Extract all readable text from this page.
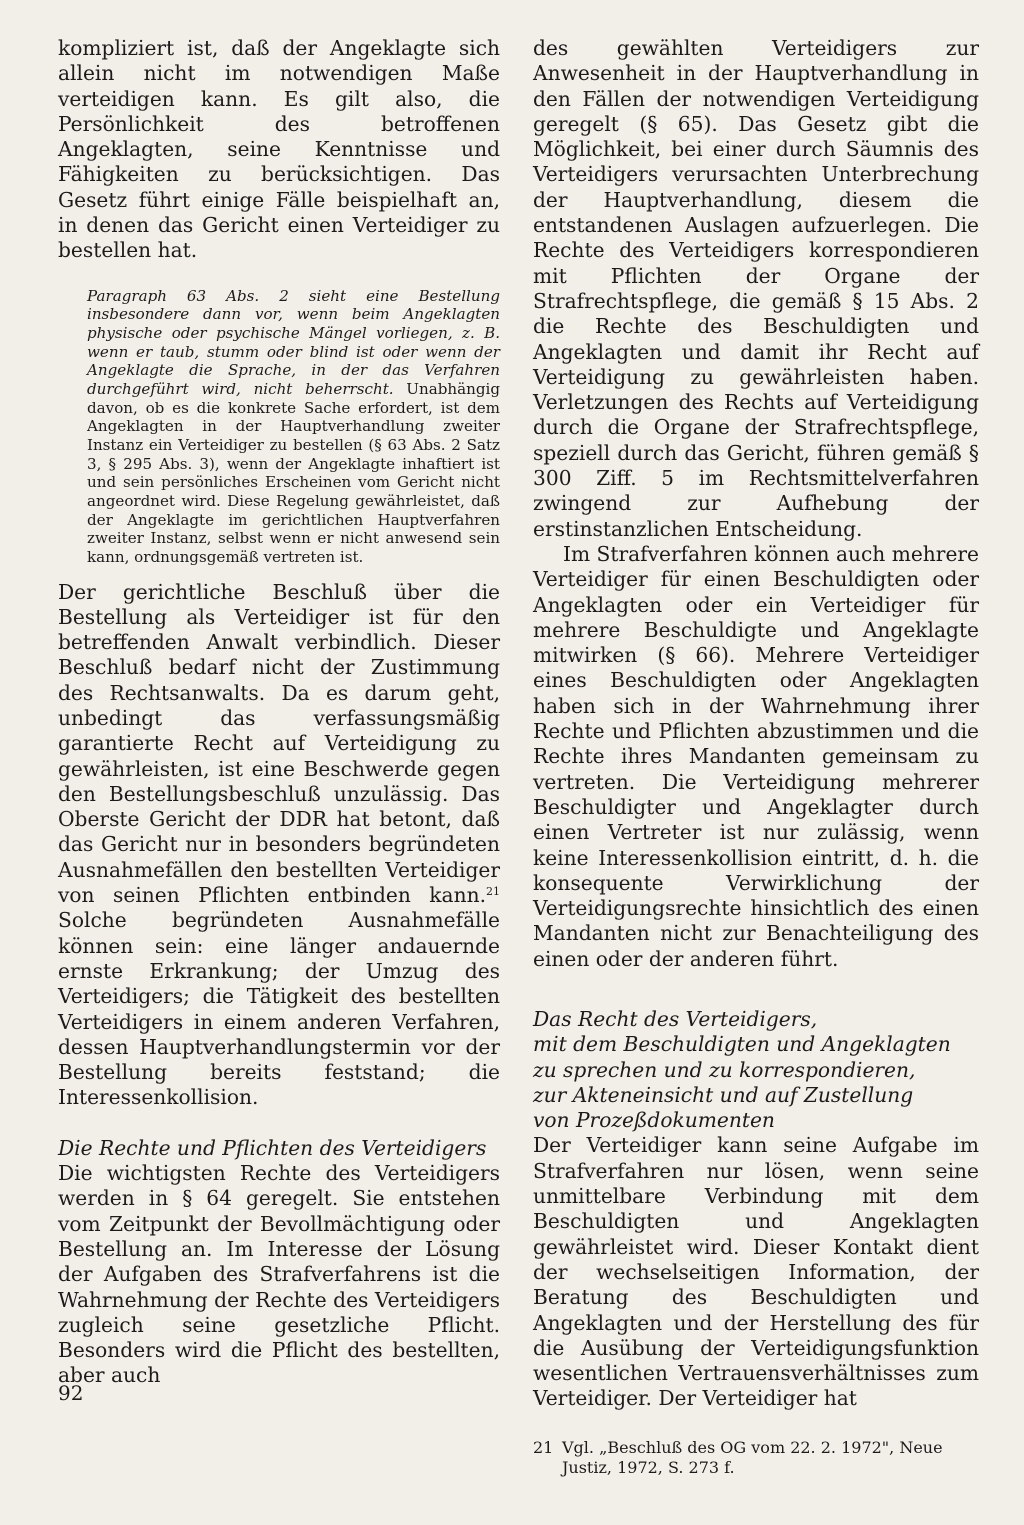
kompliziert ist, daß der Angeklagte sich allein nicht im notwendigen Maße verteidigen kann. Es gilt also, die Persönlichkeit des betroffenen Angeklagten, seine Kenntnisse und Fähigkeiten zu berücksichtigen. Das Gesetz führt einige Fälle beispielhaft an, in denen das Gericht einen Verteidiger zu bestellen hat.

Paragraph 63 Abs. 2 sieht eine Bestellung insbesondere dann vor, wenn beim Angeklagten physische oder psychische Mängel vorliegen, z. B. wenn er taub, stumm oder blind ist oder wenn der Angeklagte die Sprache, in der das Verfahren durchgeführt wird, nicht beherrscht. Unabhängig davon, ob es die konkrete Sache erfordert, ist dem Angeklagten in der Hauptverhandlung zweiter Instanz ein Verteidiger zu bestellen (§ 63 Abs. 2 Satz 3, § 295 Abs. 3), wenn der Angeklagte inhaftiert ist und sein persönliches Erscheinen vom Gericht nicht angeordnet wird. Diese Regelung gewährleistet, daß der Angeklagte im gerichtlichen Hauptverfahren zweiter Instanz, selbst wenn er nicht anwesend sein kann, ordnungsgemäß vertreten ist.

Der gerichtliche Beschluß über die Bestellung als Verteidiger ist für den betreffenden Anwalt verbindlich. Dieser Beschluß bedarf nicht der Zustimmung des Rechtsanwalts. Da es darum geht, unbedingt das verfassungsmäßig garantierte Recht auf Verteidigung zu gewährleisten, ist eine Beschwerde gegen den Bestellungsbeschluß unzulässig. Das Oberste Gericht der DDR hat betont, daß das Gericht nur in besonders begründeten Ausnahmefällen den bestellten Verteidiger von seinen Pflichten entbinden kann.$^{21}$ Solche begründeten Ausnahmefälle können sein: eine länger andauernde ernste Erkrankung; der Umzug des Verteidigers; die Tätigkeit des bestellten Verteidigers in einem anderen Verfahren, dessen Hauptverhandlungstermin vor der Bestellung bereits feststand; die Interessenkollision.

Die Rechte und Pflichten des Verteidigers

Die wichtigsten Rechte des Verteidigers werden in § 64 geregelt. Sie entstehen vom Zeitpunkt der Bevollmächtigung oder Bestellung an. Im Interesse der Lösung der Aufgaben des Strafverfahrens ist die Wahrnehmung der Rechte des Verteidigers zugleich seine gesetzliche Pflicht. Besonders wird die Pflicht des bestellten, aber auch

des gewählten Verteidigers zur Anwesenheit in der Hauptverhandlung in den Fällen der notwendigen Verteidigung geregelt (§ 65). Das Gesetz gibt die Möglichkeit, bei einer durch Säumnis des Verteidigers verursachten Unterbrechung der Hauptverhandlung, diesem die entstandenen Auslagen aufzuerlegen. Die Rechte des Verteidigers korrespondieren mit Pflichten der Organe der Strafrechtspflege, die gemäß § 15 Abs. 2 die Rechte des Beschuldigten und Angeklagten und damit ihr Recht auf Verteidigung zu gewährleisten haben. Verletzungen des Rechts auf Verteidigung durch die Organe der Strafrechtspflege, speziell durch das Gericht, führen gemäß § 300 Ziff. 5 im Rechtsmittelverfahren zwingend zur Aufhebung der erstinstanzlichen Entscheidung.

Im Strafverfahren können auch mehrere Verteidiger für einen Beschuldigten oder Angeklagten oder ein Verteidiger für mehrere Beschuldigte und Angeklagte mitwirken (§ 66). Mehrere Verteidiger eines Beschuldigten oder Angeklagten haben sich in der Wahrnehmung ihrer Rechte und Pflichten abzustimmen und die Rechte ihres Mandanten gemeinsam zu vertreten. Die Verteidigung mehrerer Beschuldigter und Angeklagter durch einen Vertreter ist nur zulässig, wenn keine Interessenkollision eintritt, d. h. die konsequente Verwirklichung der Verteidigungsrechte hinsichtlich des einen Mandanten nicht zur Benachteiligung des einen oder der anderen führt.

Das Recht des Verteidigers,
mit dem Beschuldigten und Angeklagten
zu sprechen und zu korrespondieren,
zur Akteneinsicht und auf Zustellung
von Prozeßdokumenten

Der Verteidiger kann seine Aufgabe im Strafverfahren nur lösen, wenn seine unmittelbare Verbindung mit dem Beschuldigten und Angeklagten gewährleistet wird. Dieser Kontakt dient der wechselseitigen Information, der Beratung des Beschuldigten und Angeklagten und der Herstellung des für die Ausübung der Verteidigungsfunktion wesentlichen Vertrauensverhältnisses zum Verteidiger. Der Verteidiger hat

21 Vgl. „Beschluß des OG vom 22. 2. 1972", Neue Justiz, 1972, S. 273 f.

92
